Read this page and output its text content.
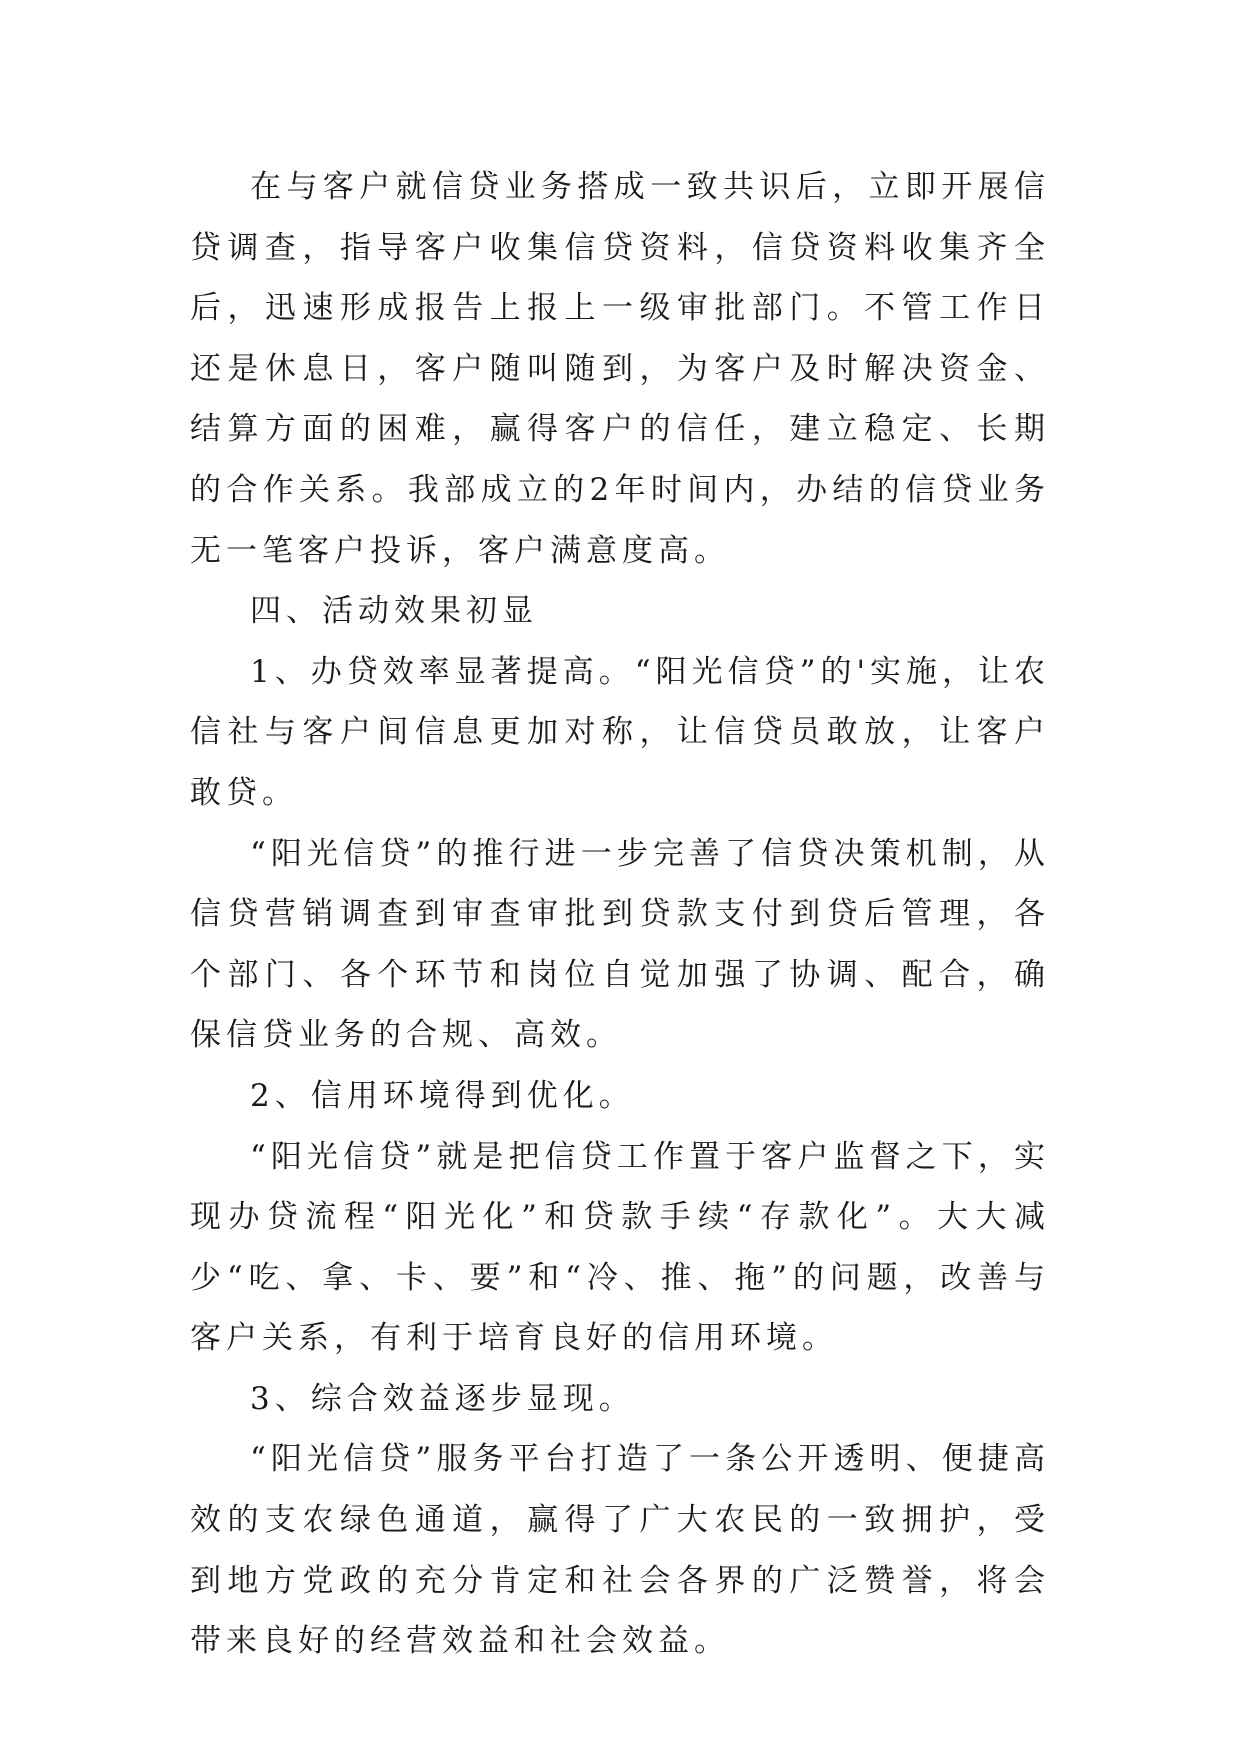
在与客户就信贷业务搭成一致共识后，立即开展信贷调查，指导客户收集信贷资料，信贷资料收集齐全后，迅速形成报告上报上一级审批部门。不管工作日还是休息日，客户随叫随到，为客户及时解决资金、结算方面的困难，赢得客户的信任，建立稳定、长期的合作关系。我部成立的2年时间内，办结的信贷业务无一笔客户投诉，客户满意度高。

四、活动效果初显

1、办贷效率显著提高。“阳光信贷”的'实施，让农信社与客户间信息更加对称，让信贷员敢放，让客户敢贷。

“阳光信贷”的推行进一步完善了信贷决策机制，从信贷营销调查到审查审批到贷款支付到贷后管理，各个部门、各个环节和岗位自觉加强了协调、配合，确保信贷业务的合规、高效。

2、信用环境得到优化。

“阳光信贷”就是把信贷工作置于客户监督之下，实现办贷流程“阳光化”和贷款手续“存款化”。大大减少“吃、拿、卡、要”和“冷、推、拖”的问题，改善与客户关系，有利于培育良好的信用环境。

3、综合效益逐步显现。

“阳光信贷”服务平台打造了一条公开透明、便捷高效的支农绿色通道，赢得了广大农民的一致拥护，受到地方党政的充分肯定和社会各界的广泛赞誉，将会带来良好的经营效益和社会效益。
